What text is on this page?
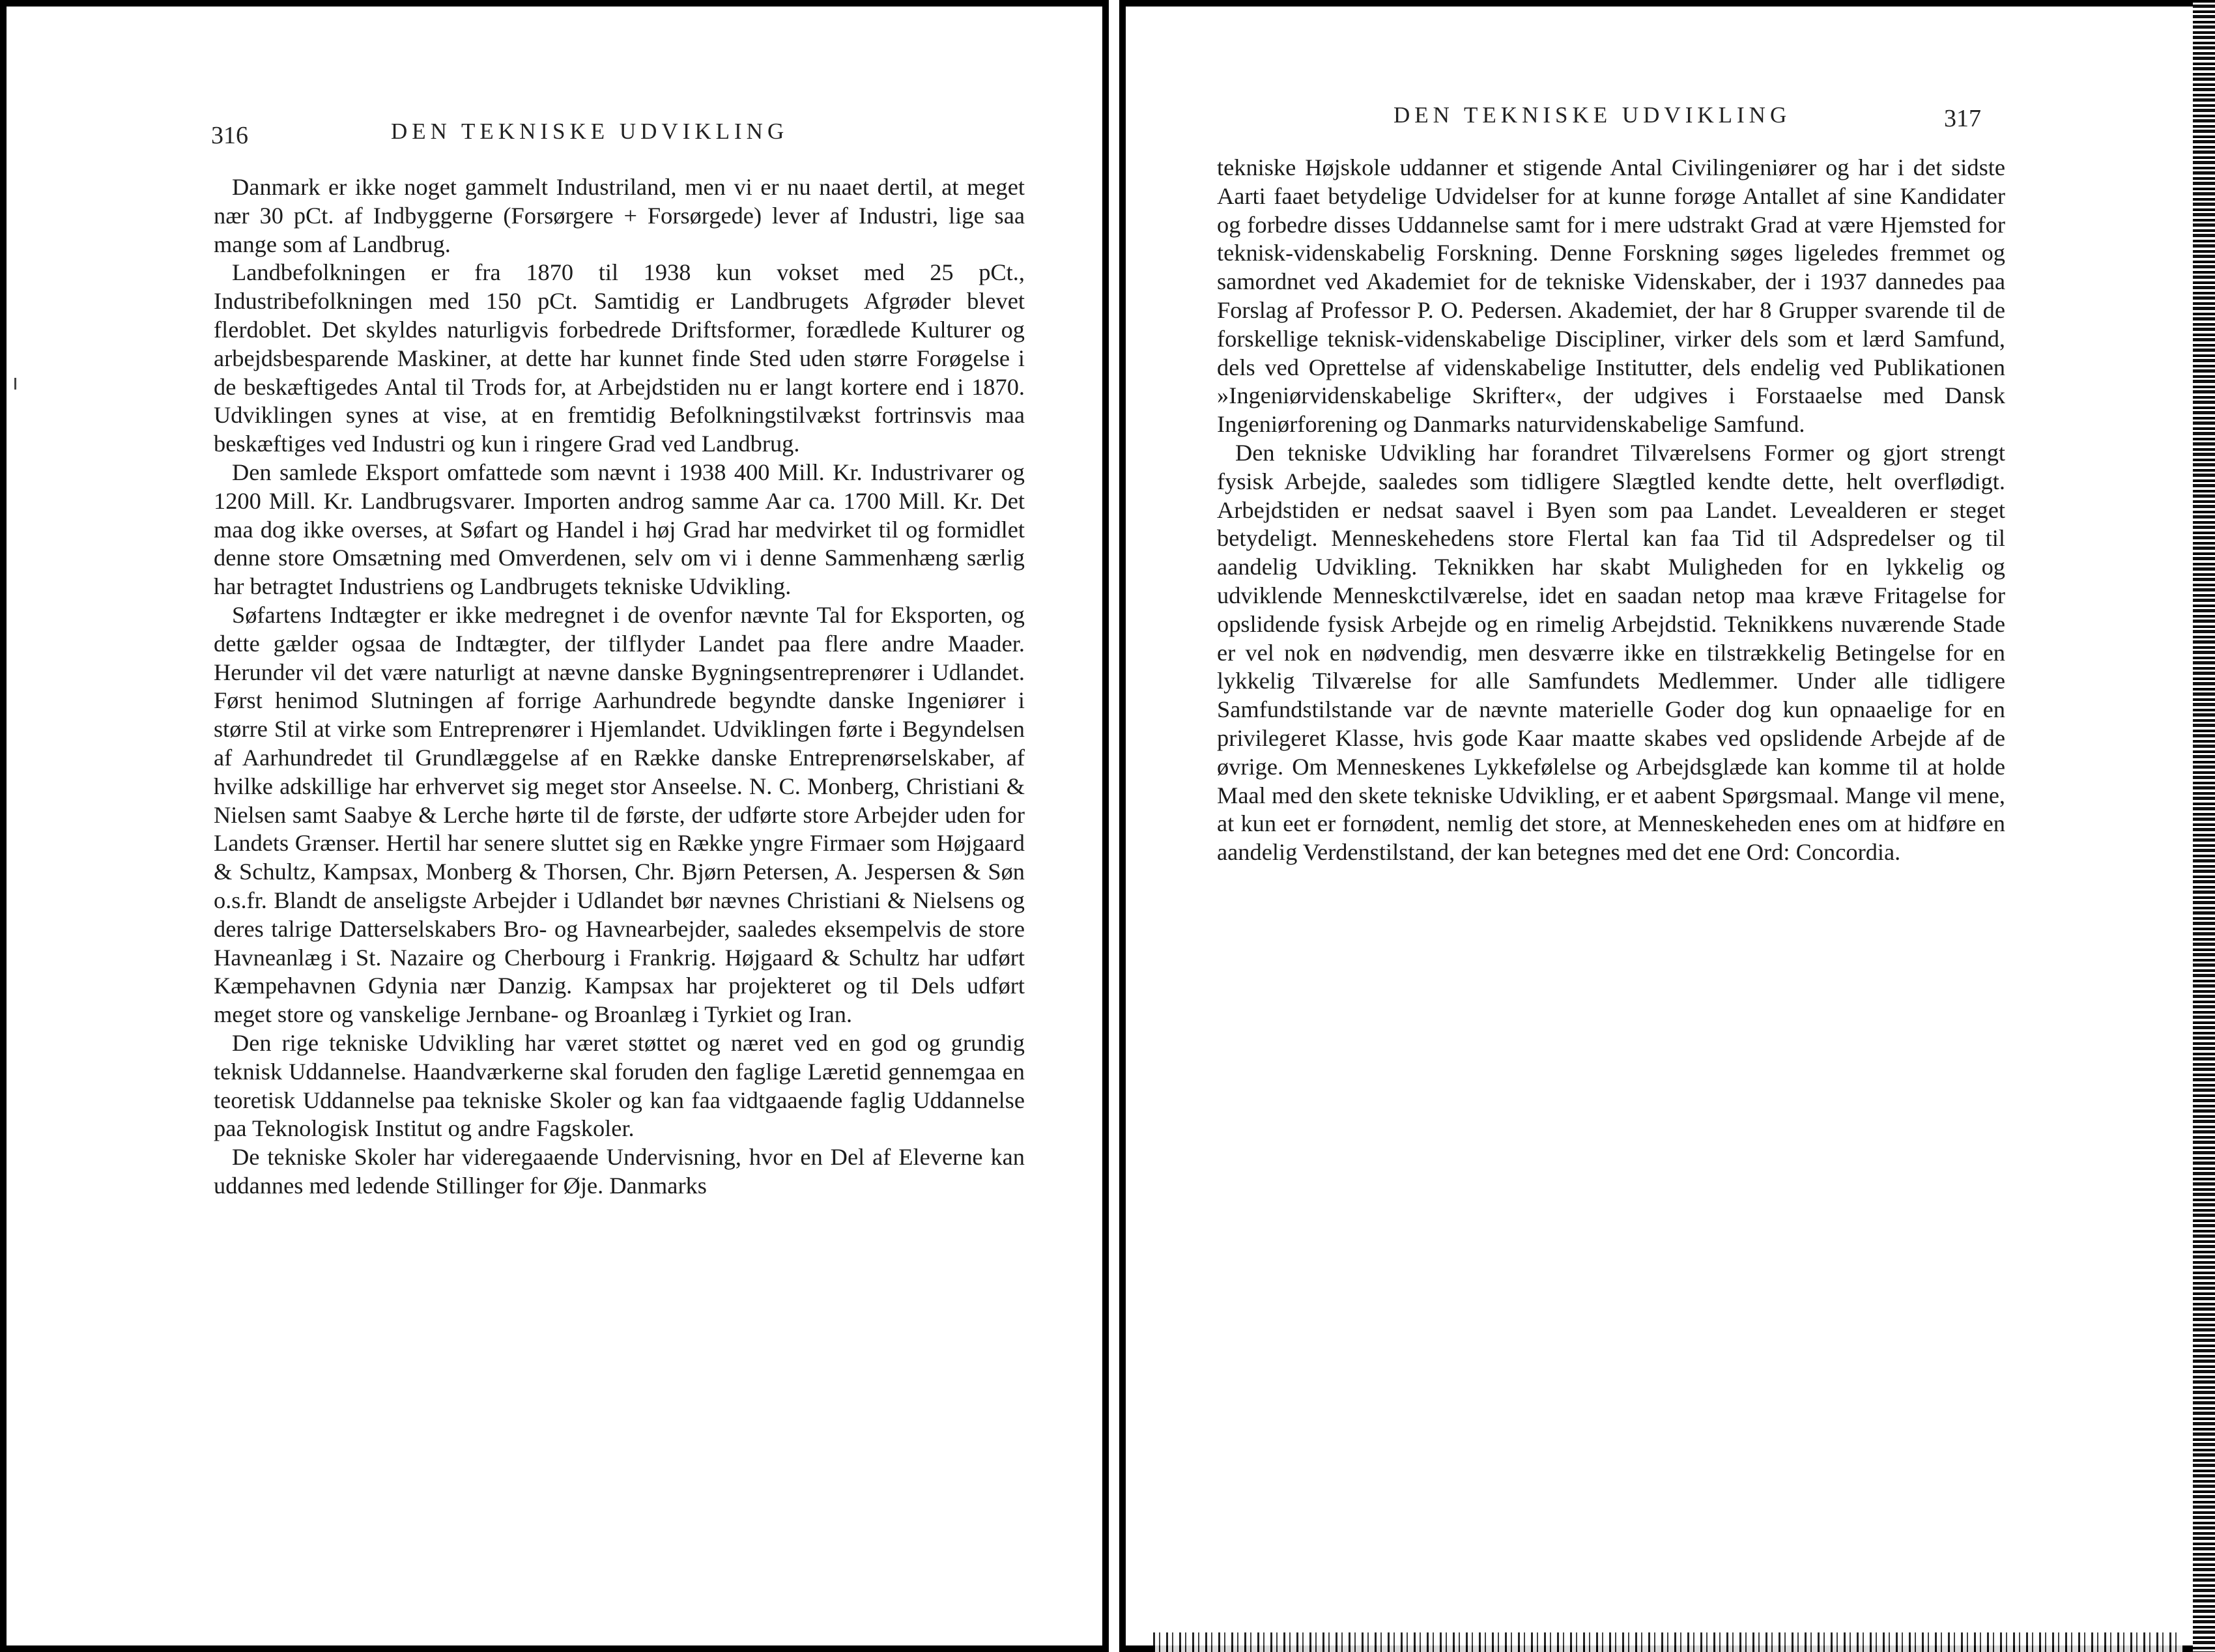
316	DEN TEKNISKE UDVIKLING

Danmark er ikke noget gammelt Industriland, men vi er nu naaet dertil, at meget nær 30 pCt. af Indbyggerne (Forsørgere + Forsørgede) lever af Industri, lige saa mange som af Landbrug.

Landbefolkningen er fra 1870 til 1938 kun vokset med 25 pCt., Industribefolkningen med 150 pCt. Samtidig er Landbrugets Afgrøder blevet flerdoblet. Det skyldes naturligvis forbedrede Driftsformer, forædlede Kulturer og arbejdsbesparende Maskiner, at dette har kunnet finde Sted uden større Forøgelse i de beskæftigedes Antal til Trods for, at Arbejdstiden nu er langt kortere end i 1870. Udviklingen synes at vise, at en fremtidig Befolkningstilvækst fortrinsvis maa beskæftiges ved Industri og kun i ringere Grad ved Landbrug.

Den samlede Eksport omfattede som nævnt i 1938 400 Mill. Kr. Industrivarer og 1200 Mill. Kr. Landbrugsvarer. Importen androg samme Aar ca. 1700 Mill. Kr. Det maa dog ikke overses, at Søfart og Handel i høj Grad har medvirket til og formidlet denne store Omsætning med Omverdenen, selv om vi i denne Sammenhæng særlig har betragtet Industriens og Landbrugets tekniske Udvikling.

Søfartens Indtægter er ikke medregnet i de ovenfor nævnte Tal for Eksporten, og dette gælder ogsaa de Indtægter, der tilflyder Landet paa flere andre Maader. Herunder vil det være naturligt at nævne danske Bygningsentreprenører i Udlandet. Først henimod Slutningen af forrige Aarhundrede begyndte danske Ingeniører i større Stil at virke som Entreprenører i Hjemlandet. Udviklingen førte i Begyndelsen af Aarhundredet til Grundlæggelse af en Række danske Entreprenørselskaber, af hvilke adskillige har erhvervet sig meget stor Anseelse. N. C. Monberg, Christiani & Nielsen samt Saabye & Lerche hørte til de første, der udførte store Arbejder uden for Landets Grænser. Hertil har senere sluttet sig en Række yngre Firmaer som Højgaard & Schultz, Kampsax, Monberg & Thorsen, Chr. Bjørn Petersen, A. Jespersen & Søn o.s.fr. Blandt de anseligste Arbejder i Udlandet bør nævnes Christiani & Nielsens og deres talrige Datterselskabers Bro- og Havnearbejder, saaledes eksempelvis de store Havneanlæg i St. Nazaire og Cherbourg i Frankrig. Højgaard & Schultz har udført Kæmpehavnen Gdynia nær Danzig. Kampsax har projekteret og til Dels udført meget store og vanskelige Jernbane- og Broanlæg i Tyrkiet og Iran.

Den rige tekniske Udvikling har været støttet og næret ved en god og grundig teknisk Uddannelse. Haandværkerne skal foruden den faglige Læretid gennemgaa en teoretisk Uddannelse paa tekniske Skoler og kan faa vidtgaaende faglig Uddannelse paa Teknologisk Institut og andre Fagskoler.

De tekniske Skoler har videregaaende Undervisning, hvor en Del af Eleverne kan uddannes med ledende Stillinger for Øje. Danmarks

DEN TEKNISKE UDVIKLING	317

tekniske Højskole uddanner et stigende Antal Civilingeniører og har i det sidste Aarti faaet betydelige Udvidelser for at kunne forøge Antallet af sine Kandidater og forbedre disses Uddannelse samt for i mere udstrakt Grad at være Hjemsted for teknisk-videnskabelig Forskning. Denne Forskning søges ligeledes fremmet og samordnet ved Akademiet for de tekniske Videnskaber, der i 1937 dannedes paa Forslag af Professor P. O. Pedersen. Akademiet, der har 8 Grupper svarende til de forskellige teknisk-videnskabelige Discipliner, virker dels som et lærd Samfund, dels ved Oprettelse af videnskabelige Institutter, dels endelig ved Publikationen »Ingeniørvidenskabelige Skrifter«, der udgives i Forstaaelse med Dansk Ingeniørforening og Danmarks naturvidenskabelige Samfund.

Den tekniske Udvikling har forandret Tilværelsens Former og gjort strengt fysisk Arbejde, saaledes som tidligere Slægtled kendte dette, helt overflødigt. Arbejdstiden er nedsat saavel i Byen som paa Landet. Levealderen er steget betydeligt. Menneskehedens store Flertal kan faa Tid til Adspredelser og til aandelig Udvikling. Teknikken har skabt Muligheden for en lykkelig og udviklende Menneskctilværelse, idet en saadan netop maa kræve Fritagelse for opslidende fysisk Arbejde og en rimelig Arbejdstid. Teknikkens nuværende Stade er vel nok en nødvendig, men desværre ikke en tilstrækkelig Betingelse for en lykkelig Tilværelse for alle Samfundets Medlemmer. Under alle tidligere Samfundstilstande var de nævnte materielle Goder dog kun opnaaelige for en privilegeret Klasse, hvis gode Kaar maatte skabes ved opslidende Arbejde af de øvrige. Om Menneskenes Lykkefølelse og Arbejdsglæde kan komme til at holde Maal med den skete tekniske Udvikling, er et aabent Spørgsmaal. Mange vil mene, at kun eet er fornødent, nemlig det store, at Menneskeheden enes om at hidføre en aandelig Verdenstilstand, der kan betegnes med det ene Ord: Concordia.
